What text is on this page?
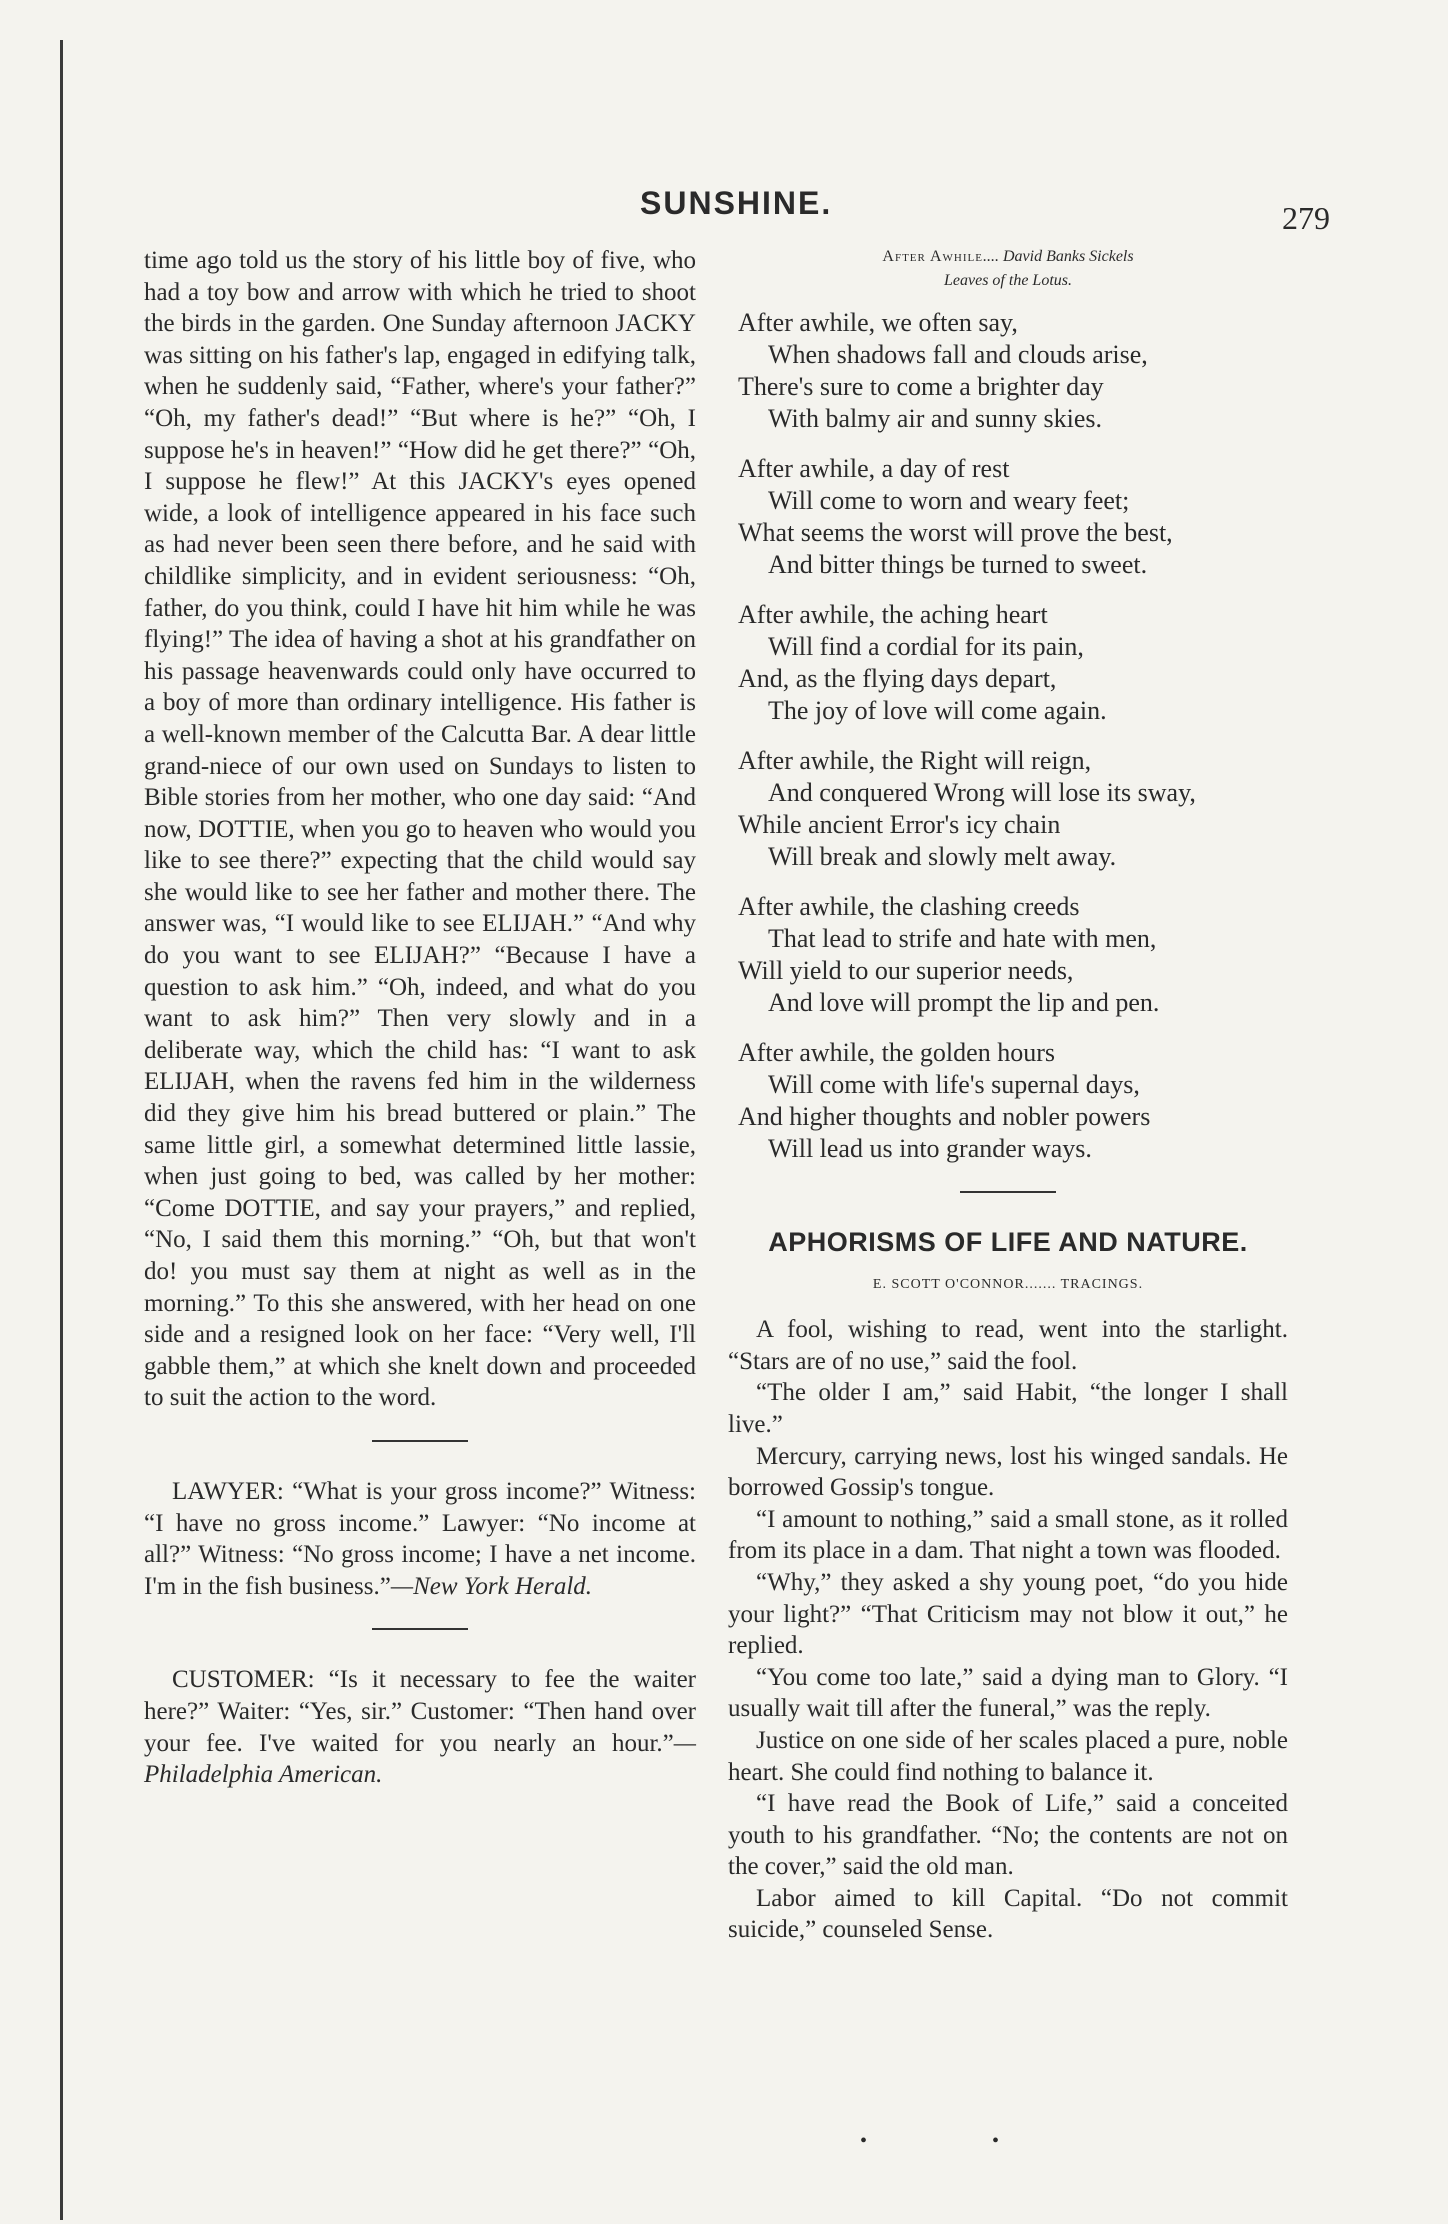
SUNSHINE.	279

time ago told us the story of his little boy of five, who had a toy bow and arrow with which he tried to shoot the birds in the garden. One Sunday afternoon JACKY was sitting on his father's lap, engaged in edifying talk, when he suddenly said, “Father, where's your father?” “Oh, my father's dead!” “But where is he?” “Oh, I suppose he's in heaven!” “How did he get there?” “Oh, I suppose he flew!” At this JACKY's eyes opened wide, a look of intelligence appeared in his face such as had never been seen there before, and he said with childlike simplicity, and in evident seriousness: “Oh, father, do you think, could I have hit him while he was flying!” The idea of having a shot at his grandfather on his passage heavenwards could only have occurred to a boy of more than ordinary intelligence. His father is a well-known member of the Calcutta Bar. A dear little grand-niece of our own used on Sundays to listen to Bible stories from her mother, who one day said: “And now, DOTTIE, when you go to heaven who would you like to see there?” expecting that the child would say she would like to see her father and mother there. The answer was, “I would like to see ELIJAH.” “And why do you want to see ELIJAH?” “Because I have a question to ask him.” “Oh, indeed, and what do you want to ask him?” Then very slowly and in a deliberate way, which the child has: “I want to ask ELIJAH, when the ravens fed him in the wilderness did they give him his bread buttered or plain.” The same little girl, a somewhat determined little lassie, when just going to bed, was called by her mother: “Come DOTTIE, and say your prayers,” and replied, “No, I said them this morning.” “Oh, but that won't do! you must say them at night as well as in the morning.” To this she answered, with her head on one side and a resigned look on her face: “Very well, I'll gabble them,” at which she knelt down and proceeded to suit the action to the word.

LAWYER: “What is your gross income?” Witness: “I have no gross income.” Lawyer: “No income at all?” Witness: “No gross income; I have a net income. I'm in the fish business.”—New York Herald.

CUSTOMER: “Is it necessary to fee the waiter here?” Waiter: “Yes, sir.” Customer: “Then hand over your fee. I've waited for you nearly an hour.”—Philadelphia American.

After Awhile.... David Banks Sickels
Leaves of the Lotus.
After awhile, we often say,
When shadows fall and clouds arise,
There's sure to come a brighter day
With balmy air and sunny skies.
After awhile, a day of rest
Will come to worn and weary feet;
What seems the worst will prove the best,
And bitter things be turned to sweet.
After awhile, the aching heart
Will find a cordial for its pain,
And, as the flying days depart,
The joy of love will come again.
After awhile, the Right will reign,
And conquered Wrong will lose its sway,
While ancient Error's icy chain
Will break and slowly melt away.
After awhile, the clashing creeds
That lead to strife and hate with men,
Will yield to our superior needs,
And love will prompt the lip and pen.
After awhile, the golden hours
Will come with life's supernal days,
And higher thoughts and nobler powers
Will lead us into grander ways.
APHORISMS OF LIFE AND NATURE.
E. SCOTT O'CONNOR....... TRACINGS.

A fool, wishing to read, went into the starlight. “Stars are of no use,” said the fool.

“The older I am,” said Habit, “the longer I shall live.”

Mercury, carrying news, lost his winged sandals. He borrowed Gossip's tongue.

“I amount to nothing,” said a small stone, as it rolled from its place in a dam. That night a town was flooded.

“Why,” they asked a shy young poet, “do you hide your light?” “That Criticism may not blow it out,” he replied.

“You come too late,” said a dying man to Glory. “I usually wait till after the funeral,” was the reply.

Justice on one side of her scales placed a pure, noble heart. She could find nothing to balance it.

“I have read the Book of Life,” said a conceited youth to his grandfather. “No; the contents are not on the cover,” said the old man.

Labor aimed to kill Capital. “Do not commit suicide,” counseled Sense.

• •
